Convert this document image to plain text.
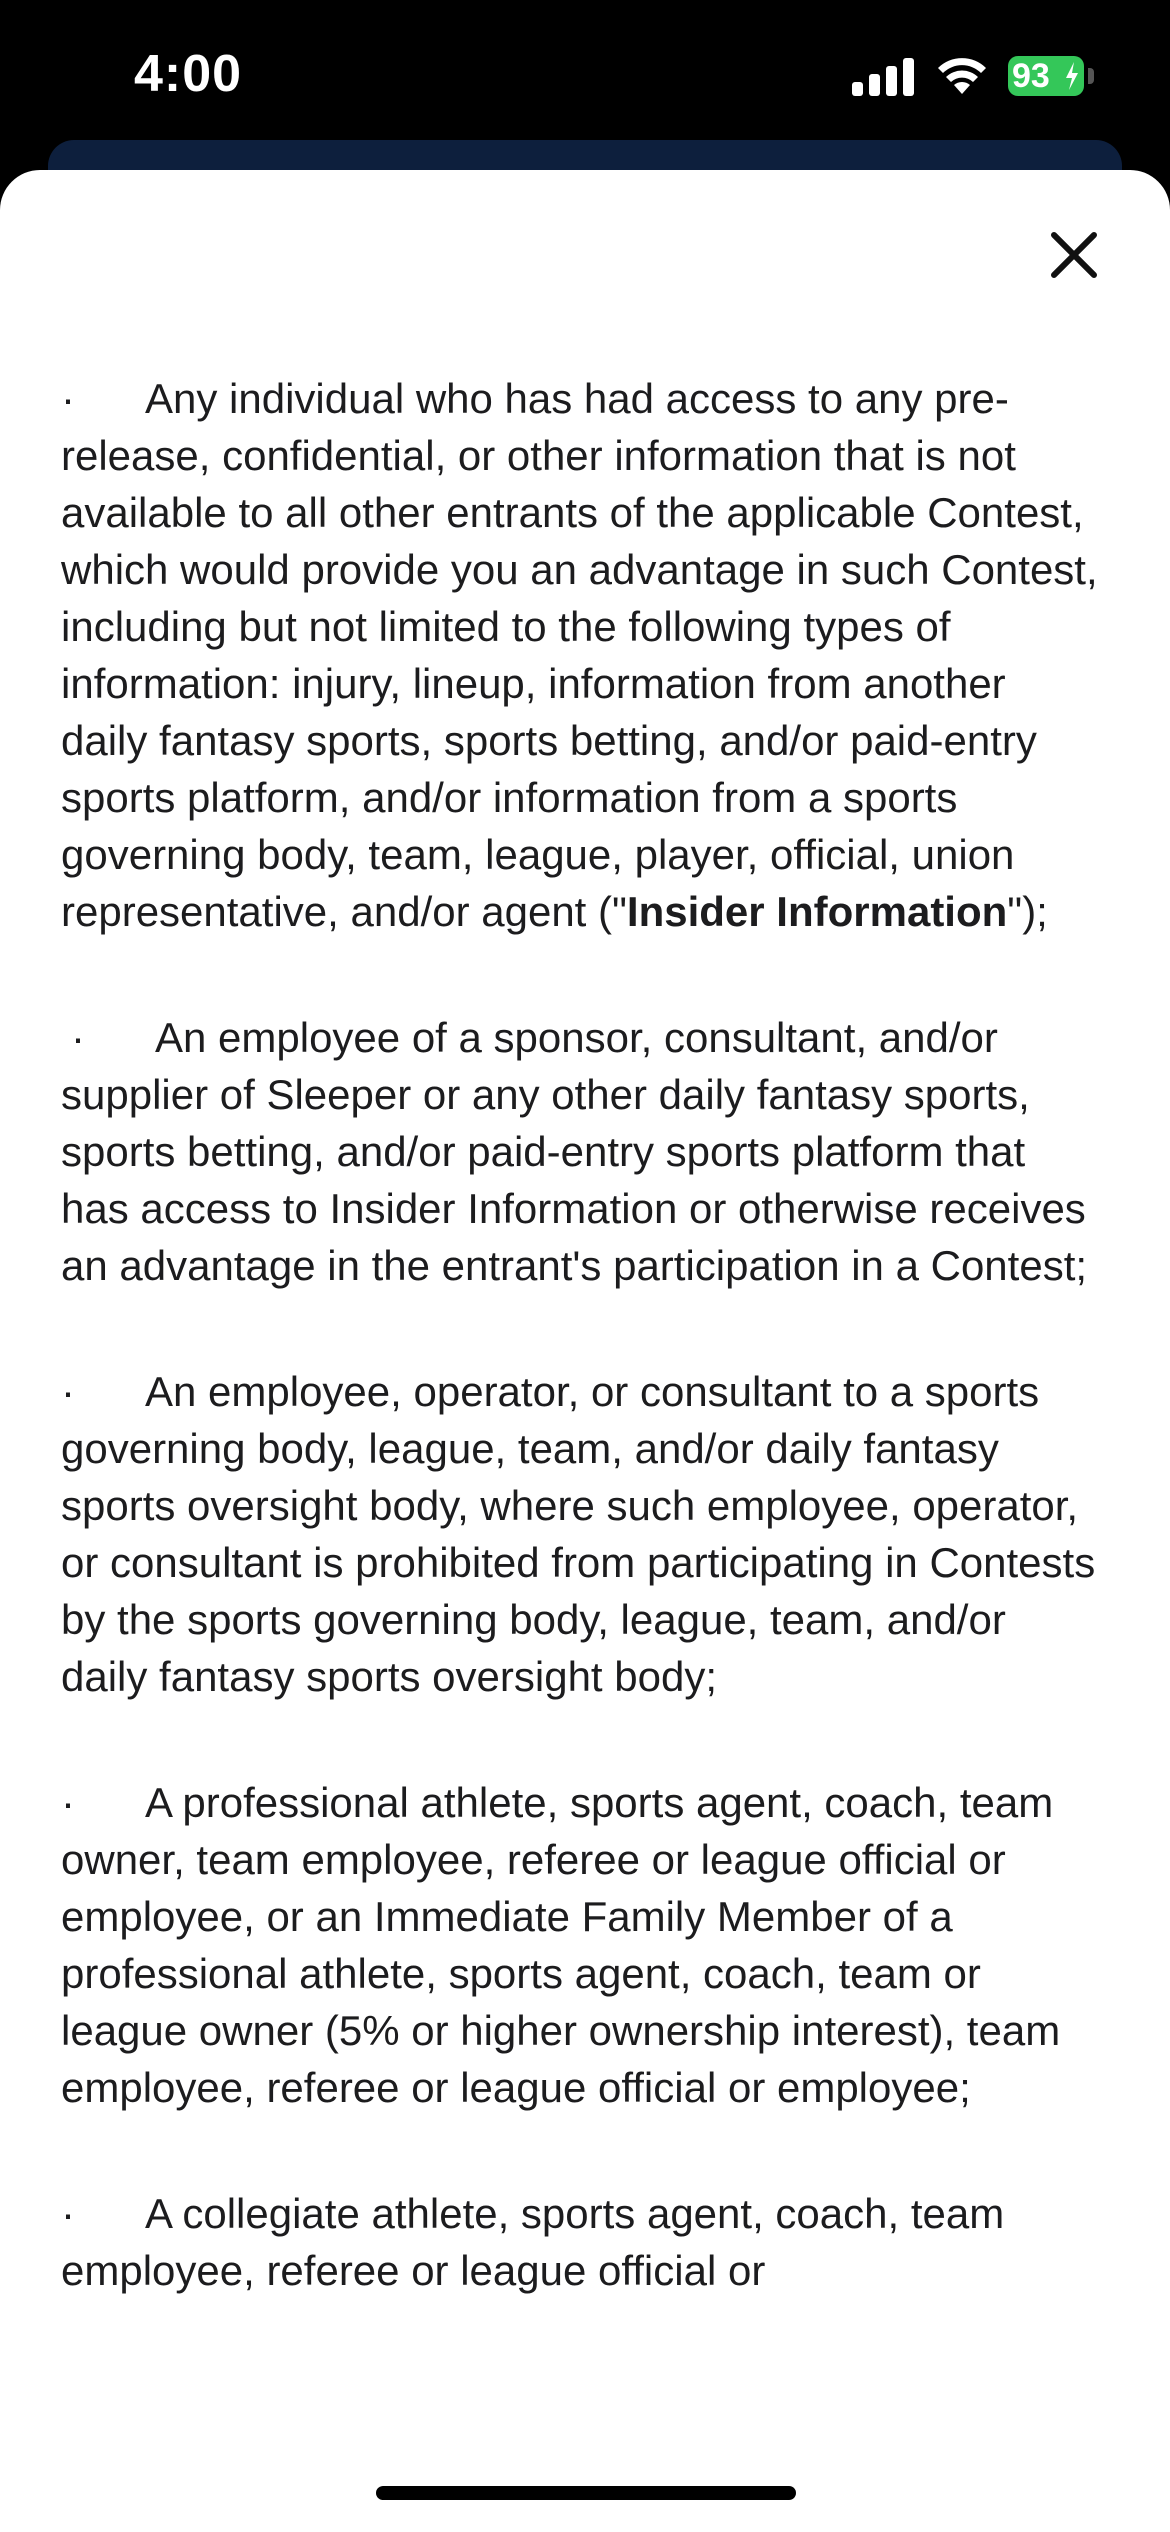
4:00	93

· Any individual who has had access to any pre-release, confidential, or other information that is not available to all other entrants of the applicable Contest, which would provide you an advantage in such Contest, including but not limited to the following types of information: injury, lineup, information from another daily fantasy sports, sports betting, and/or paid-entry sports platform, and/or information from a sports governing body, team, league, player, official, union representative, and/or agent ("Insider Information");

· An employee of a sponsor, consultant, and/or supplier of Sleeper or any other daily fantasy sports, sports betting, and/or paid-entry sports platform that has access to Insider Information or otherwise receives an advantage in the entrant's participation in a Contest;

· An employee, operator, or consultant to a sports governing body, league, team, and/or daily fantasy sports oversight body, where such employee, operator, or consultant is prohibited from participating in Contests by the sports governing body, league, team, and/or daily fantasy sports oversight body;

· A professional athlete, sports agent, coach, team owner, team employee, referee or league official or employee, or an Immediate Family Member of a professional athlete, sports agent, coach, team or league owner (5% or higher ownership interest), team employee, referee or league official or employee;

· A collegiate athlete, sports agent, coach, team employee, referee or league official or
